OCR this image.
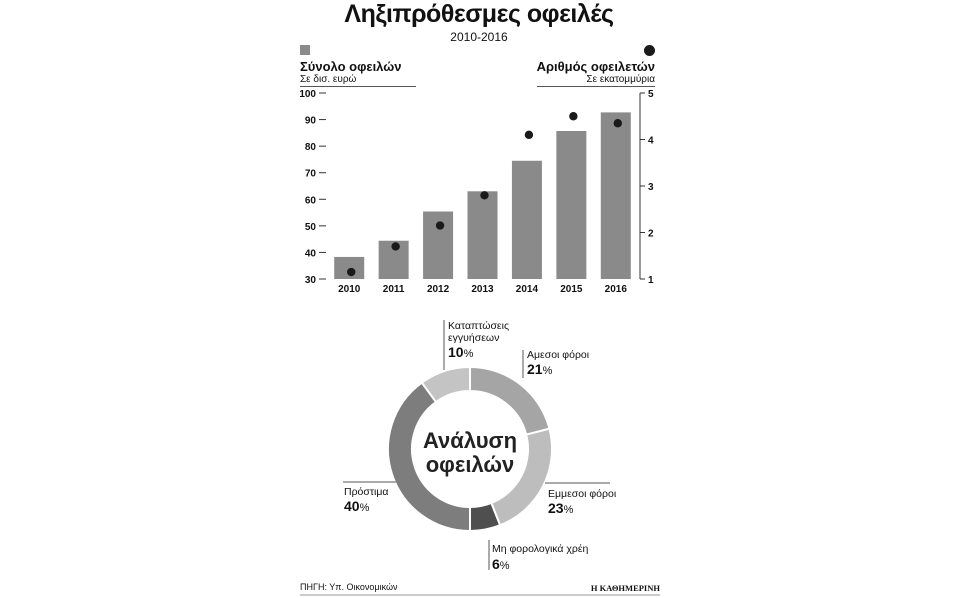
Ληξιπρόθεσμες οφειλές
2010-2016
Σύνολο οφειλών
Σε δισ. ευρώ
Αριθμός οφειλετών
Σε εκατομμύρια
30
40
50
60
70
80
90
100
1
2
3
4
5
2010 2011 2012 2013 2014 2015 2016
Ανάλυση
οφειλών
Καταπτώσεις
εγγυήσεων
10%	Αμεσοι φόροι
21%
Εμμεσοι φόροι
23%
Μη φορολογικά χρέη
6%
Πρόστιμα
40%
ΠΗΓΗ: Υπ. Οικονομικών	Η ΚΑΘΗΜΕΡΙΝΗ
